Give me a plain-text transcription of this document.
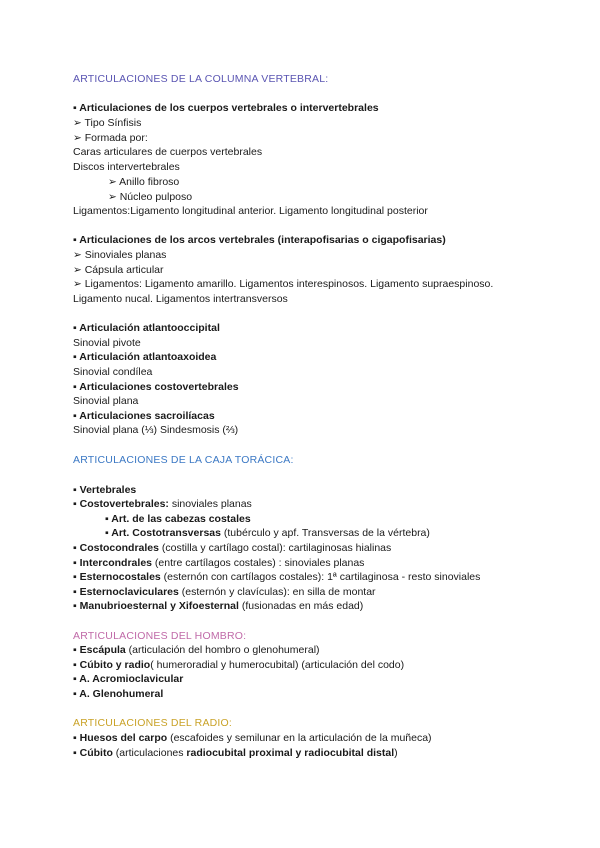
ARTICULACIONES DE LA COLUMNA VERTEBRAL:
▪ Articulaciones de los cuerpos vertebrales o intervertebrales
➢ Tipo Sínfisis
➢ Formada por:
Caras articulares de cuerpos vertebrales
Discos intervertebrales
➢ Anillo fibroso
➢ Núcleo pulposo
Ligamentos:Ligamento longitudinal anterior. Ligamento longitudinal posterior
▪ Articulaciones de los arcos vertebrales (interapofisarias o cigapofisarias)
➢ Sinoviales planas
➢ Cápsula articular
➢ Ligamentos: Ligamento amarillo. Ligamentos interespinosos. Ligamento supraespinoso.
Ligamento nucal. Ligamentos intertransversos
▪ Articulación atlantooccipital
Sinovial pivote
▪ Articulación atlantoaxoidea
Sinovial condílea
▪ Articulaciones costovertebrales
Sinovial plana
▪ Articulaciones sacroilíacas
Sinovial plana (⅓) Sindesmosis (⅔)
ARTICULACIONES DE LA CAJA TORÁCICA:
▪ Vertebrales
▪ Costovertebrales: sinoviales planas
▪ Art. de las cabezas costales
▪ Art. Costotransversas (tubérculo y apf. Transversas de la vértebra)
▪ Costocondrales (costilla y cartílago costal): cartilaginosas hialinas
▪ Intercondrales (entre cartílagos costales) : sinoviales planas
▪ Esternocostales (esternón con cartílagos costales): 1ª cartilaginosa - resto sinoviales
▪ Esternoclaviculares (esternón y clavículas): en silla de montar
▪ Manubrioesternal y Xifoesternal (fusionadas en más edad)
ARTICULACIONES DEL HOMBRO:
▪ Escápula (articulación del hombro o glenohumeral)
▪ Cúbito y radio( humeroradial y humerocubital) (articulación del codo)
▪ A. Acromioclavicular
▪ A. Glenohumeral
ARTICULACIONES DEL RADIO:
▪ Huesos del carpo (escafoides y semilunar en la articulación de la muñeca)
▪ Cúbito (articulaciones radiocubital proximal y radiocubital distal)
